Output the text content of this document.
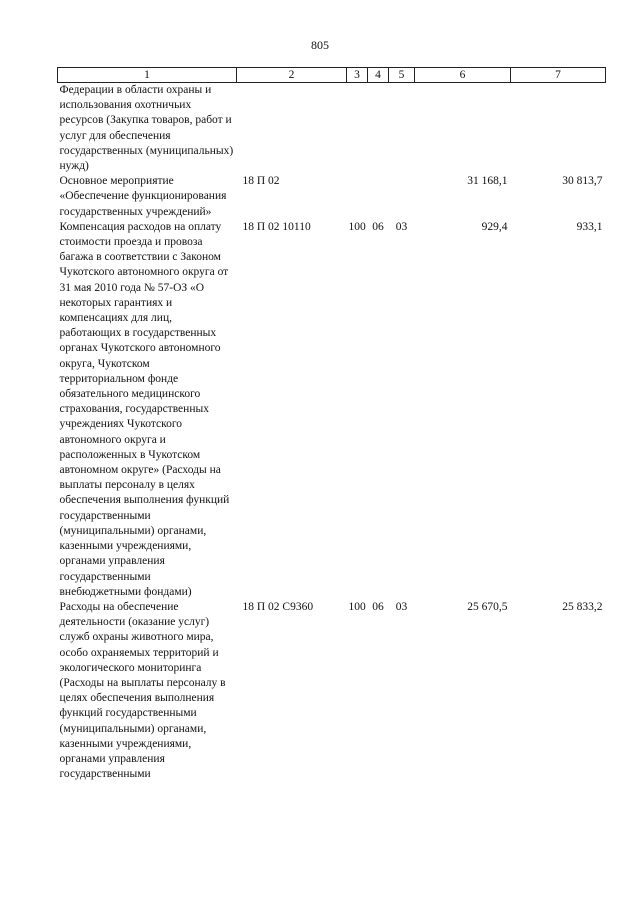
805
1	2	3	4	5	6	7
Федерации в области охраны и использования охотничьих ресурсов (Закупка товаров, работ и услуг для обеспечения государственных (муниципальных) нужд)						
Основное мероприятие «Обеспечение функционирования государственных учреждений»	18 П 02				31 168,1	30 813,7
Компенсация расходов на оплату стоимости проезда и провоза багажа в соответствии с Законом Чукотского автономного округа от 31 мая 2010 года № 57-ОЗ «О некоторых гарантиях и компенсациях для лиц, работающих в государственных органах Чукотского автономного округа, Чукотском территориальном фонде обязательного медицинского страхования, государственных учреждениях Чукотского автономного округа и расположенных в Чукотском автономном округе» (Расходы на выплаты персоналу в целях обеспечения выполнения функций государственными (муниципальными) органами, казенными учреждениями, органами управления государственными внебюджетными фондами)	18 П 02 10110	100	06	03	929,4	933,1
Расходы на обеспечение деятельности (оказание услуг) служб охраны животного мира, особо охраняемых территорий и экологического мониторинга (Расходы на выплаты персоналу в целях обеспечения выполнения функций государственными (муниципальными) органами, казенными учреждениями, органами управления государственными	18 П 02 С9360	100	06	03	25 670,5	25 833,2
